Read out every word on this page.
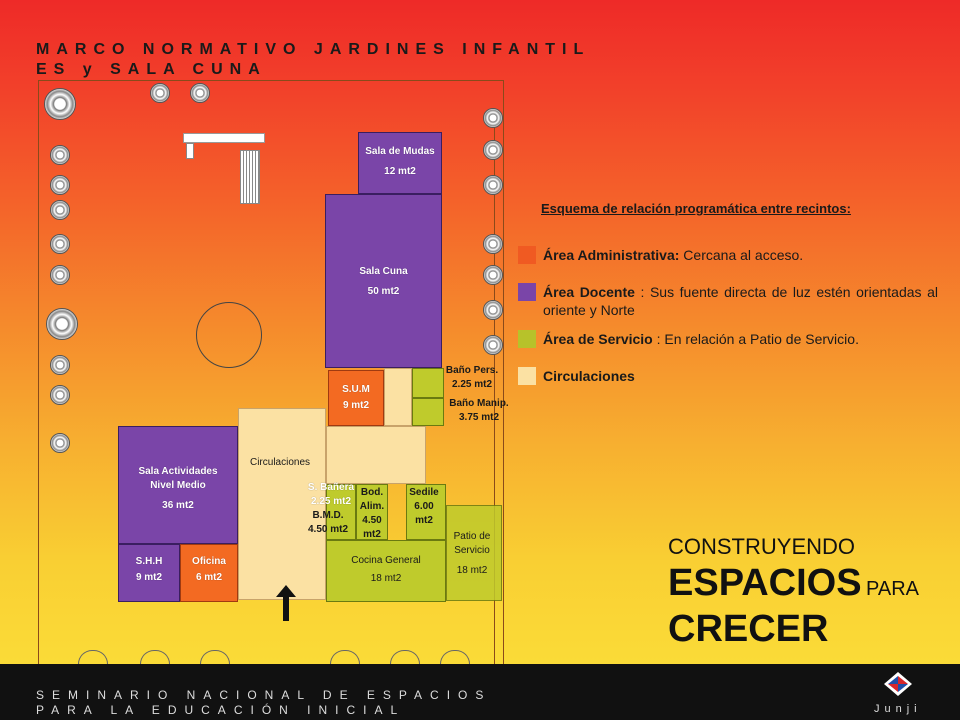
MARCO NORMATIVO JARDINES INFANTIL ES y SALA CUNA
Sala de Mudas
12 mt2
Sala Cuna
50 mt2
S.U.M
9 mt2
Baño Pers.
2.25 mt2
Baño Manip.
3.75 mt2
Circulaciones
Sala Actividades
Nivel Medio
36 mt2
S.H.H
9 mt2
Oficina
6 mt2
S. Bañera
2.25 mt2
B.M.D.
4.50 mt2
Bod.
Alim.
4.50
mt2
Sedile
6.00
mt2
Cocina General
18 mt2
Patio de
Servicio
18 mt2
Esquema de relación programática entre recintos:
Área Administrativa: Cercana al acceso.
Área Docente : Sus fuente directa de luz estén orientadas al oriente y Norte
Área de Servicio : En relación a Patio de Servicio.
Circulaciones
CONSTRUYENDO
ESPACIOS PARA
CRECER
SEMINARIO NACIONAL DE ESPACIOS PARA LA EDUCACIÓN INICIAL	Junji
